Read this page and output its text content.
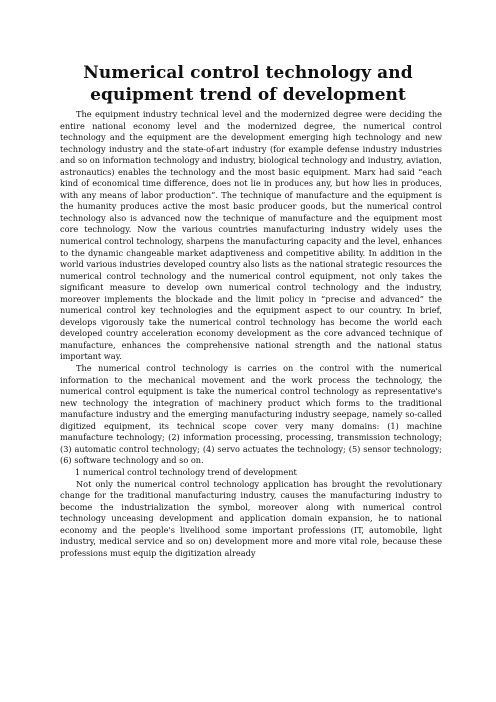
Numerical control technology and equipment trend of development

The equipment industry technical level and the modernized degree were deciding the entire national economy level and the modernized degree, the numerical control technology and the equipment are the development emerging high technology and new technology industry and the state-of-art industry (for example defense industry industries and so on information technology and industry, biological technology and industry, aviation, astronautics) enables the technology and the most basic equipment. Marx had said “each kind of economical time difference, does not lie in produces any, but how lies in produces, with any means of labor production”. The technique of manufacture and the equipment is the humanity produces active the most basic producer goods, but the numerical control technology also is advanced now the technique of manufacture and the equipment most core technology. Now the various countries manufacturing industry widely uses the numerical control technology, sharpens the manufacturing capacity and the level, enhances to the dynamic changeable market adaptiveness and competitive ability. In addition in the world various industries developed country also lists as the national strategic resources the numerical control technology and the numerical control equipment, not only takes the significant measure to develop own numerical control technology and the industry, moreover implements the blockade and the limit policy in “precise and advanced” the numerical control key technologies and the equipment aspect to our country. In brief, develops vigorously take the numerical control technology has become the world each developed country acceleration economy development as the core advanced technique of manufacture, enhances the comprehensive national strength and the national status important way.

The numerical control technology is carries on the control with the numerical information to the mechanical movement and the work process the technology, the numerical control equipment is take the numerical control technology as representative's new technology the integration of machinery product which forms to the traditional manufacture industry and the emerging manufacturing industry seepage, namely so-called digitized equipment, its technical scope cover very many domains: (1) machine manufacture technology; (2) information processing, processing, transmission technology; (3) automatic control technology; (4) servo actuates the technology; (5) sensor technology; (6) software technology and so on.

1 numerical control technology trend of development

Not only the numerical control technology application has brought the revolutionary change for the traditional manufacturing industry, causes the manufacturing industry to become the industrialization the symbol, moreover along with numerical control technology unceasing development and application domain expansion, he to national economy and the people's livelihood some important professions (IT, automobile, light industry, medical service and so on) development more and more vital role, because these professions must equip the digitization already
